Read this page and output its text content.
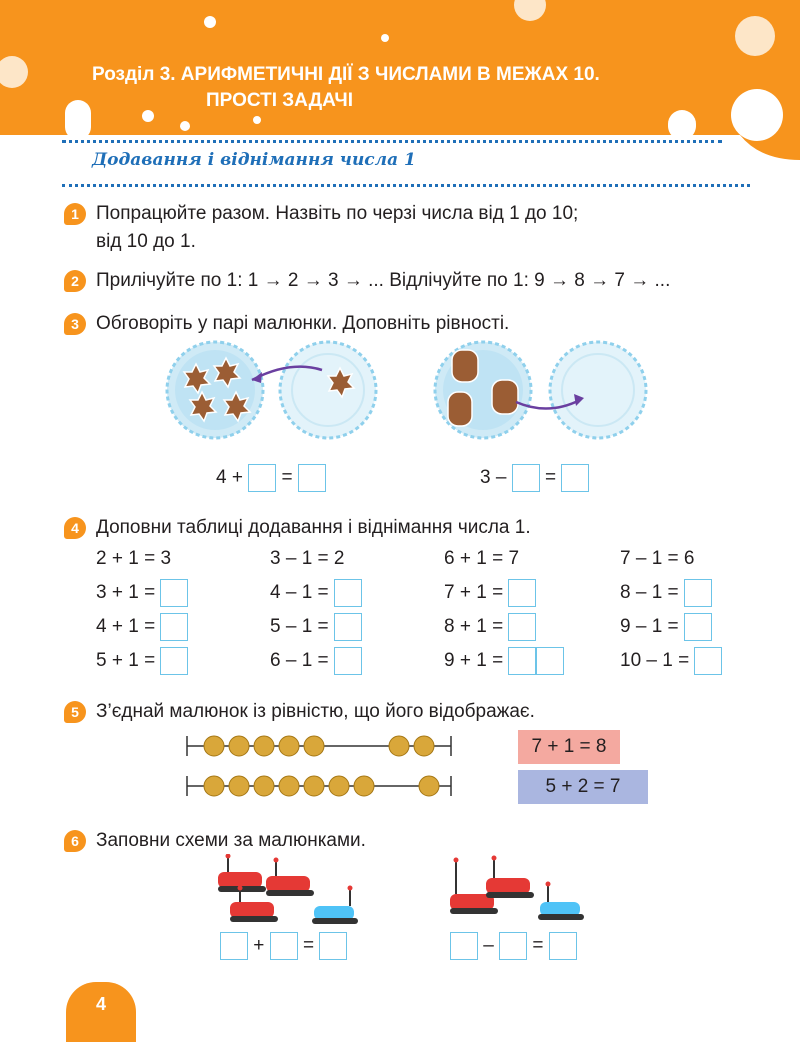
Розділ 3. АРИФМЕТИЧНІ ДІЇ З ЧИСЛАМИ В МЕЖАХ 10.
ПРОСТІ ЗАДАЧІ
Додавання і віднімання числа 1
1 Попрацюйте разом. Назвіть по черзі числа від 1 до 10;
від 10 до 1.
2 Прилічуйте по 1: 1 → 2 → 3 → ... Відлічуйте по 1: 9 → 8 → 7 → ...
3 Обговоріть у парі малюнки. Доповніть рівності.
4 + =	3 – =
4 Доповни таблиці додавання і віднімання числа 1.
2 + 1 = 3
3 + 1 =
4 + 1 =
5 + 1 =
3 – 1 = 2
4 – 1 =
5 – 1 =
6 – 1 =
6 + 1 = 7
7 + 1 =
8 + 1 =
9 + 1 =
7 – 1 = 6
8 – 1 =
9 – 1 =
10 – 1 =
5 З’єднай малюнок із рівністю, що його відображає.
7 + 1 = 8
5 + 2 = 7
6 Заповни схеми за малюнками.
+ =	– =
4
